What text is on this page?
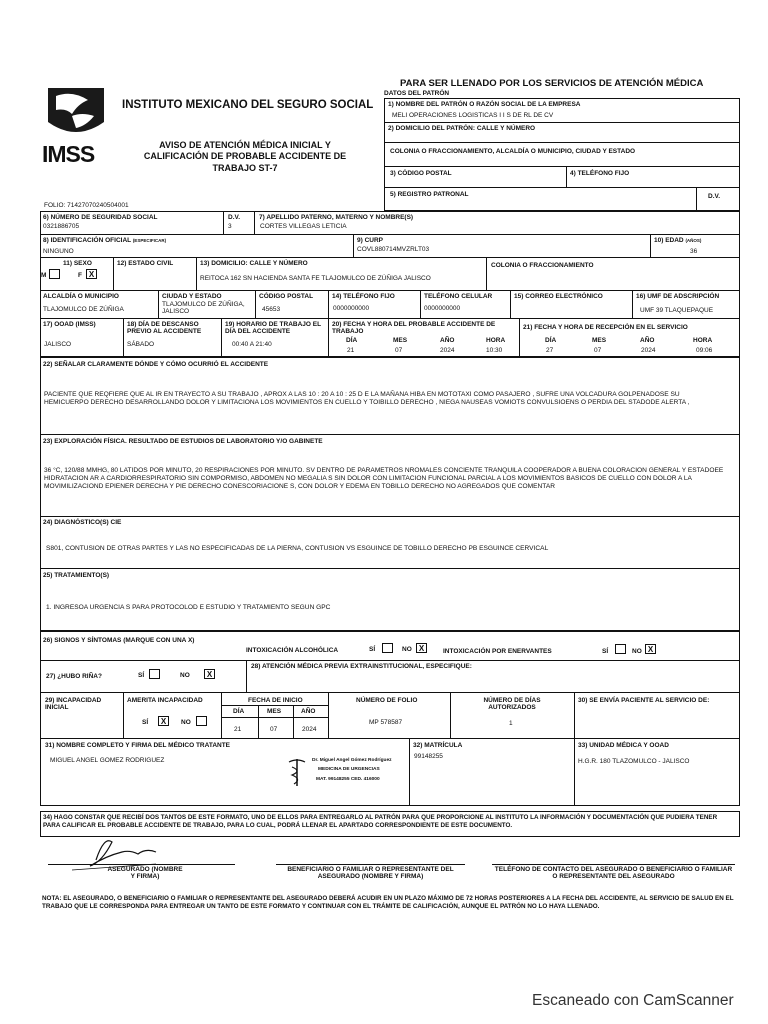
IMSS
INSTITUTO MEXICANO DEL SEGURO SOCIAL
AVISO DE ATENCIÓN MÉDICA INICIAL Y CALIFICACIÓN DE PROBABLE ACCIDENTE DE TRABAJO ST-7
PARA SER LLENADO POR LOS SERVICIOS DE ATENCIÓN MÉDICA
FOLIO: 71427070240504001
DATOS DEL PATRÓN
1) NOMBRE DEL PATRÓN O RAZÓN SOCIAL DE LA EMPRESA
MELI OPERACIONES LOGISTICAS I I S DE RL DE CV
2) DOMICILIO DEL PATRÓN: CALLE Y NÚMERO
COLONIA O FRACCIONAMIENTO, ALCALDÍA O MUNICIPIO, CIUDAD Y ESTADO
3) CÓDIGO POSTAL	4) TELÉFONO FIJO
5) REGISTRO PATRONAL	D.V.
6) NÚMERO DE SEGURIDAD SOCIAL
0321886705
D.V.
3
7) APELLIDO PATERNO, MATERNO Y NOMBRE(S)
CORTES VILLEGAS LETICIA
8) IDENTIFICACIÓN OFICIAL (ESPECIFICAR)
NINGUNO
9) CURP
COVL880714MVZRLT03
10) EDAD (AÑOS)
36
11) SEXO
M	F X
12) ESTADO CIVIL	13) DOMICILIO: CALLE Y NÚMERO
REITOCA 162 SN HACIENDA SANTA FE TLAJOMULCO DE ZÚÑIGA JALISCO
COLONIA O FRACCIONAMIENTO
ALCALDÍA O MUNICIPIO
TLAJOMULCO DE ZÚÑIGA
CIUDAD Y ESTADO
TLAJOMULCO DE ZÚÑIGA, JALISCO
CÓDIGO POSTAL
45653
14) TELÉFONO FIJO
0000000000
TELÉFONO CELULAR
0000000000
15) CORREO ELECTRÓNICO	16) UMF DE ADSCRIPCIÓN
UMF 39 TLAQUEPAQUE
17) OOAD (IMSS)
JALISCO
18) DÍA DE DESCANSO PREVIO AL ACCIDENTE
SÁBADO
19) HORARIO DE TRABAJO EL DÍA DEL ACCIDENTE
00:40 A 21:40
20) FECHA Y HORA DEL PROBABLE ACCIDENTE DE TRABAJO
21) FECHA Y HORA DE RECEPCIÓN EN EL SERVICIO
DÍA	MES	AÑO	HORA
21	07	2024	10:30
DÍA	MES	AÑO	HORA
27	07	2024	09:06
22) SEÑALAR CLARAMENTE DÓNDE Y CÓMO OCURRIÓ EL ACCIDENTE
PACIENTE QUE REQFIERE QUE AL IR EN TRAYECTO A SU TRABAJO , APROX A LAS 10 : 20 A 10 : 25 D E LA MAÑANA HIBA EN MOTOTAXI COMO PASAJERO , SUFRE UNA VOLCADURA GOLPENADOSE SU HEMICUERPO DERECHO DESARROLLANDO DOLOR Y LIMITACIONA LOS MOVIMIENTOS EN CUELLO Y TOIBILLO DERECHO , NIEGA NAUSEAS VOMIOTS CONVULSIOENS O PERDIA DEL STADODE ALERTA ,
23) EXPLORACIÓN FÍSICA. RESULTADO DE ESTUDIOS DE LABORATORIO Y/O GABINETE
36 °C, 120/88 MMHG, 80 LATIDOS POR MINUTO, 20 RESPIRACIONES POR MINUTO. SV DENTRO DE PARAMETROS NROMALES CONCIENTE TRANQUILA COOPERADOR A BUENA COLORACION GENERAL Y ESTADOEE HIDRATACION AR A CARDIORRESPIRATORIO SIN COMPORMISO, ABDOMEN NO MEGALIA S SIN DOLOR CON LIMITACION FUNCIONAL PARCIAL A LOS MOVIMIENTOS BASICOS DE CUELLO CON DOLOR A LA MOVIMILIZACIOND EPIENER DERECHA Y PIE DERECHO CONESCORIACIONE S, CON DOLOR Y EDEMA EN TOBILLO DERECHO NO AGREGADOS QUE COMENTAR
24) DIAGNÓSTICO(S) CIE
S801, CONTUSION DE OTRAS PARTES Y LAS NO ESPECIFICADAS DE LA PIERNA, CONTUSION VS ESGUINCE DE TOBILLO DERECHO PB ESGUINCE CERVICAL
25) TRATAMIENTO(S)
1. INGRESOA URGENCIA S PARA PROTOCOLOD E ESTUDIO Y TRATAMIENTO SEGUN GPC
26) SIGNOS Y SÍNTOMAS (MARQUE CON UNA X)
INTOXICACIÓN ALCOHÓLICA	SÍ	NO X	INTOXICACIÓN POR ENERVANTES	SÍ	NO X
27) ¿HUBO RIÑA?	SÍ	NO	X
28) ATENCIÓN MÉDICA PREVIA EXTRAINSTITUCIONAL, ESPECIFIQUE:
29) INCAPACIDAD INICIAL
AMERITA INCAPACIDAD
SÍ	X	NO
FECHA DE INICIO
DÍA	MES	AÑO
21	07	2024
NÚMERO DE FOLIO
MP 578587
NÚMERO DE DÍAS AUTORIZADOS
1
30) SE ENVÍA PACIENTE AL SERVICIO DE:
31) NOMBRE COMPLETO Y FIRMA DEL MÉDICO TRATANTE
MIGUEL ANGEL GOMEZ RODRIGUEZ	Dr. Miguel Angel Gómez Rodríguez
MEDICINA DE URGENCIAS
MAT. 99148255 CED. 416000
32) MATRÍCULA
99148255
33) UNIDAD MÉDICA Y OOAD
H.G.R. 180 TLAZOMULCO - JALISCO
34) HAGO CONSTAR QUE RECIBÍ DOS TANTOS DE ESTE FORMATO, UNO DE ELLOS PARA ENTREGARLO AL PATRÓN PARA QUE PROPORCIONE AL INSTITUTO LA INFORMACIÓN Y DOCUMENTACIÓN QUE PUDIERA TENER PARA CALIFICAR EL PROBABLE ACCIDENTE DE TRABAJO, PARA LO CUAL, PODRÁ LLENAR EL APARTADO CORRESPONDIENTE DE ESTE DOCUMENTO.
ASEGURADO (NOMBRE Y FIRMA)
BENEFICIARIO O FAMILIAR O REPRESENTANTE DEL ASEGURADO (NOMBRE Y FIRMA)
TELÉFONO DE CONTACTO DEL ASEGURADO O BENEFICIARIO O FAMILIAR O REPRESENTANTE DEL ASEGURADO
NOTA: EL ASEGURADO, O BENEFICIARIO O FAMILIAR O REPRESENTANTE DEL ASEGURADO DEBERÁ ACUDIR EN UN PLAZO MÁXIMO DE 72 HORAS POSTERIORES A LA FECHA DEL ACCIDENTE, AL SERVICIO DE SALUD EN EL TRABAJO QUE LE CORRESPONDA PARA ENTREGAR UN TANTO DE ESTE FORMATO Y CONTINUAR CON EL TRÁMITE DE CALIFICACIÓN, AUNQUE EL PATRÓN NO LO HAYA LLENADO.
Escaneado con CamScanner
